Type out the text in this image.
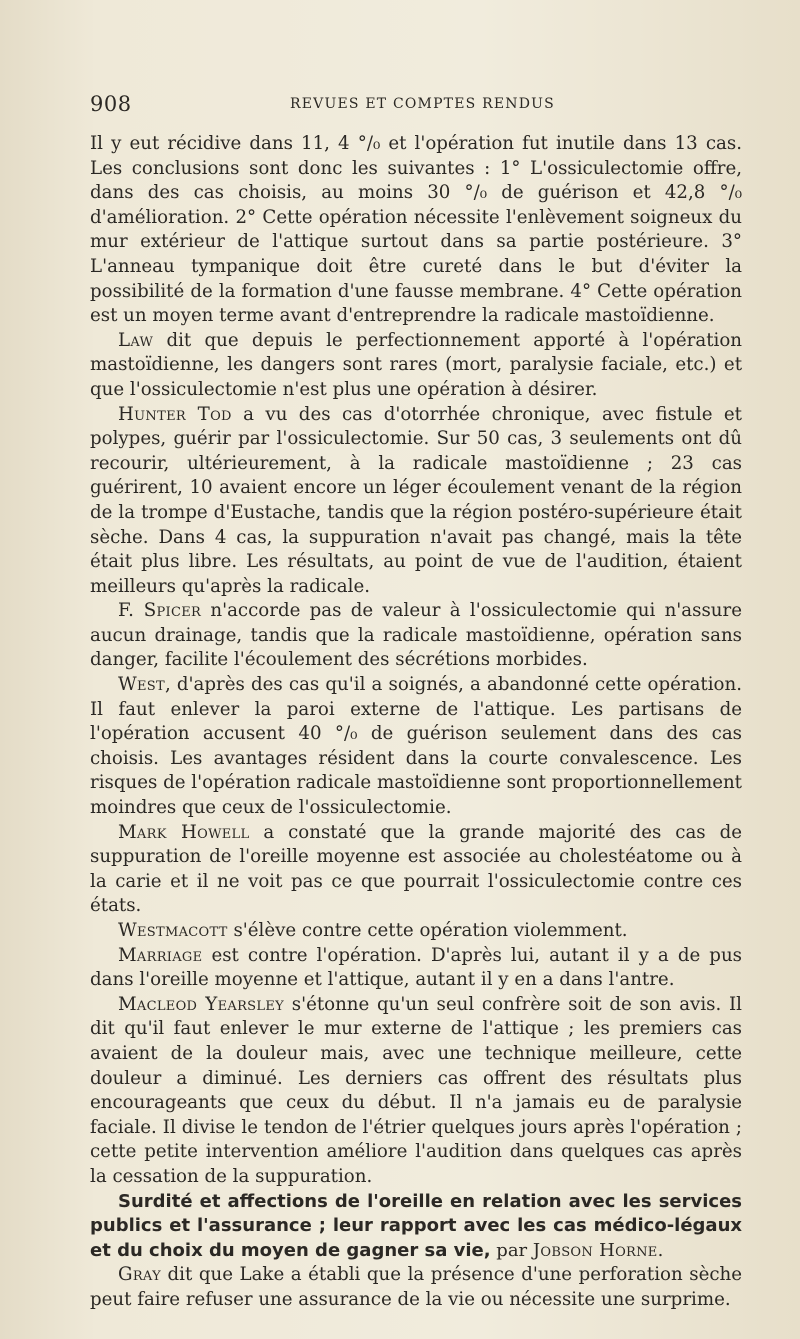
908	REVUES ET COMPTES RENDUS

Il y eut récidive dans 11, 4 °/₀ et l'opération fut inutile dans 13 cas. Les conclusions sont donc les suivantes : 1° L'ossiculectomie offre, dans des cas choisis, au moins 30 °/₀ de guérison et 42,8 °/₀ d'amélioration. 2° Cette opération nécessite l'enlèvement soigneux du mur extérieur de l'attique surtout dans sa partie postérieure. 3° L'anneau tympanique doit être cureté dans le but d'éviter la possibilité de la formation d'une fausse membrane. 4° Cette opération est un moyen terme avant d'entreprendre la radicale mastoïdienne.

Law dit que depuis le perfectionnement apporté à l'opération mastoïdienne, les dangers sont rares (mort, paralysie faciale, etc.) et que l'ossiculectomie n'est plus une opération à désirer.

Hunter Tod a vu des cas d'otorrhée chronique, avec fistule et polypes, guérir par l'ossiculectomie. Sur 50 cas, 3 seulements ont dû recourir, ultérieurement, à la radicale mastoïdienne ; 23 cas guérirent, 10 avaient encore un léger écoulement venant de la région de la trompe d'Eustache, tandis que la région postéro-supérieure était sèche. Dans 4 cas, la suppuration n'avait pas changé, mais la tête était plus libre. Les résultats, au point de vue de l'audition, étaient meilleurs qu'après la radicale.

F. Spicer n'accorde pas de valeur à l'ossiculectomie qui n'assure aucun drainage, tandis que la radicale mastoïdienne, opération sans danger, facilite l'écoulement des sécrétions morbides.

West, d'après des cas qu'il a soignés, a abandonné cette opération. Il faut enlever la paroi externe de l'attique. Les partisans de l'opération accusent 40 °/₀ de guérison seulement dans des cas choisis. Les avantages résident dans la courte convalescence. Les risques de l'opération radicale mastoïdienne sont proportionnellement moindres que ceux de l'ossiculectomie.

Mark Howell a constaté que la grande majorité des cas de suppuration de l'oreille moyenne est associée au cholestéatome ou à la carie et il ne voit pas ce que pourrait l'ossiculectomie contre ces états.

Westmacott s'élève contre cette opération violemment.

Marriage est contre l'opération. D'après lui, autant il y a de pus dans l'oreille moyenne et l'attique, autant il y en a dans l'antre.

Macleod Yearsley s'étonne qu'un seul confrère soit de son avis. Il dit qu'il faut enlever le mur externe de l'attique ; les premiers cas avaient de la douleur mais, avec une technique meilleure, cette douleur a diminué. Les derniers cas offrent des résultats plus encourageants que ceux du début. Il n'a jamais eu de paralysie faciale. Il divise le tendon de l'étrier quelques jours après l'opération ; cette petite intervention améliore l'audition dans quelques cas après la cessation de la suppuration.

Surdité et affections de l'oreille en relation avec les services publics et l'assurance ; leur rapport avec les cas médico-légaux et du choix du moyen de gagner sa vie, par Jobson Horne.

Gray dit que Lake a établi que la présence d'une perforation sèche peut faire refuser une assurance de la vie ou nécessite une surprime.
